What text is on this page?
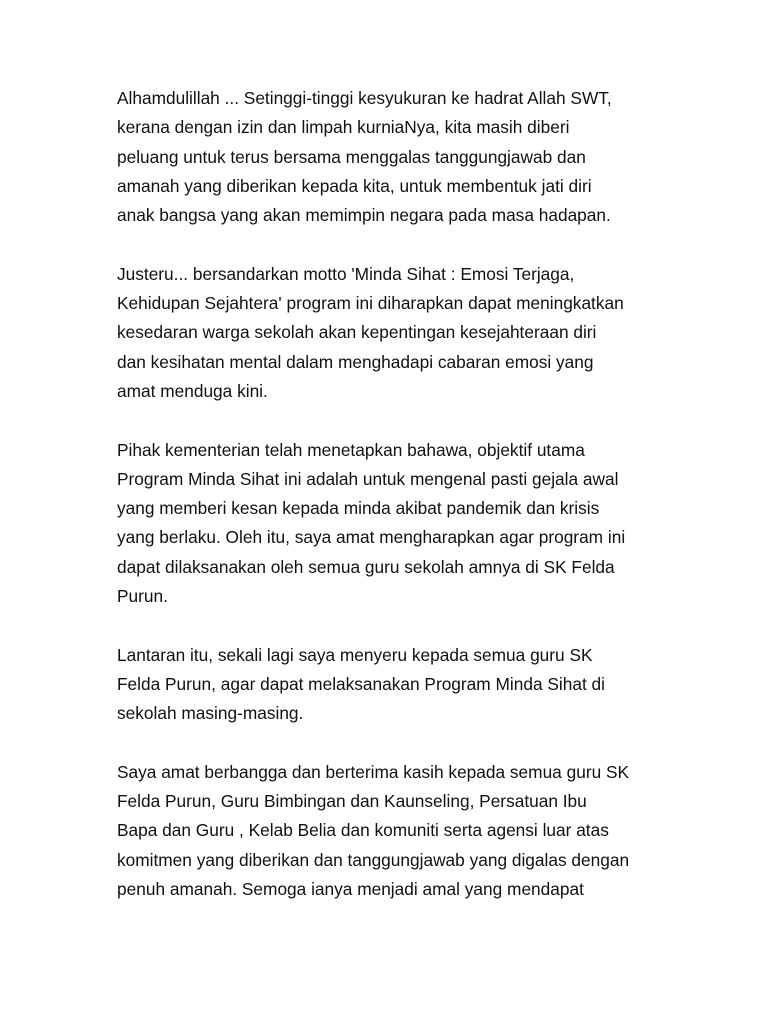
Alhamdulillah ... Setinggi-tinggi kesyukuran ke hadrat Allah SWT,
kerana dengan izin dan limpah kurniaNya, kita masih diberi
peluang untuk terus bersama menggalas tanggungjawab dan
amanah yang diberikan kepada kita, untuk membentuk jati diri
anak bangsa yang akan memimpin negara pada masa hadapan.

Justeru... bersandarkan motto 'Minda Sihat : Emosi Terjaga,
Kehidupan Sejahtera' program ini diharapkan dapat meningkatkan
kesedaran warga sekolah akan kepentingan kesejahteraan diri
dan kesihatan mental dalam menghadapi cabaran emosi yang
amat menduga kini.

Pihak kementerian telah menetapkan bahawa, objektif utama
Program Minda Sihat ini adalah untuk mengenal pasti gejala awal
yang memberi kesan kepada minda akibat pandemik dan krisis
yang berlaku. Oleh itu, saya amat mengharapkan agar program ini
dapat dilaksanakan oleh semua guru sekolah amnya di SK Felda
Purun.

Lantaran itu, sekali lagi saya menyeru kepada semua guru SK
Felda Purun, agar dapat melaksanakan Program Minda Sihat di
sekolah masing-masing.

Saya amat berbangga dan berterima kasih kepada semua guru SK
Felda Purun, Guru Bimbingan dan Kaunseling, Persatuan Ibu
Bapa dan Guru , Kelab Belia dan komuniti serta agensi luar atas
komitmen yang diberikan dan tanggungjawab yang digalas dengan
penuh amanah. Semoga ianya menjadi amal yang mendapat
